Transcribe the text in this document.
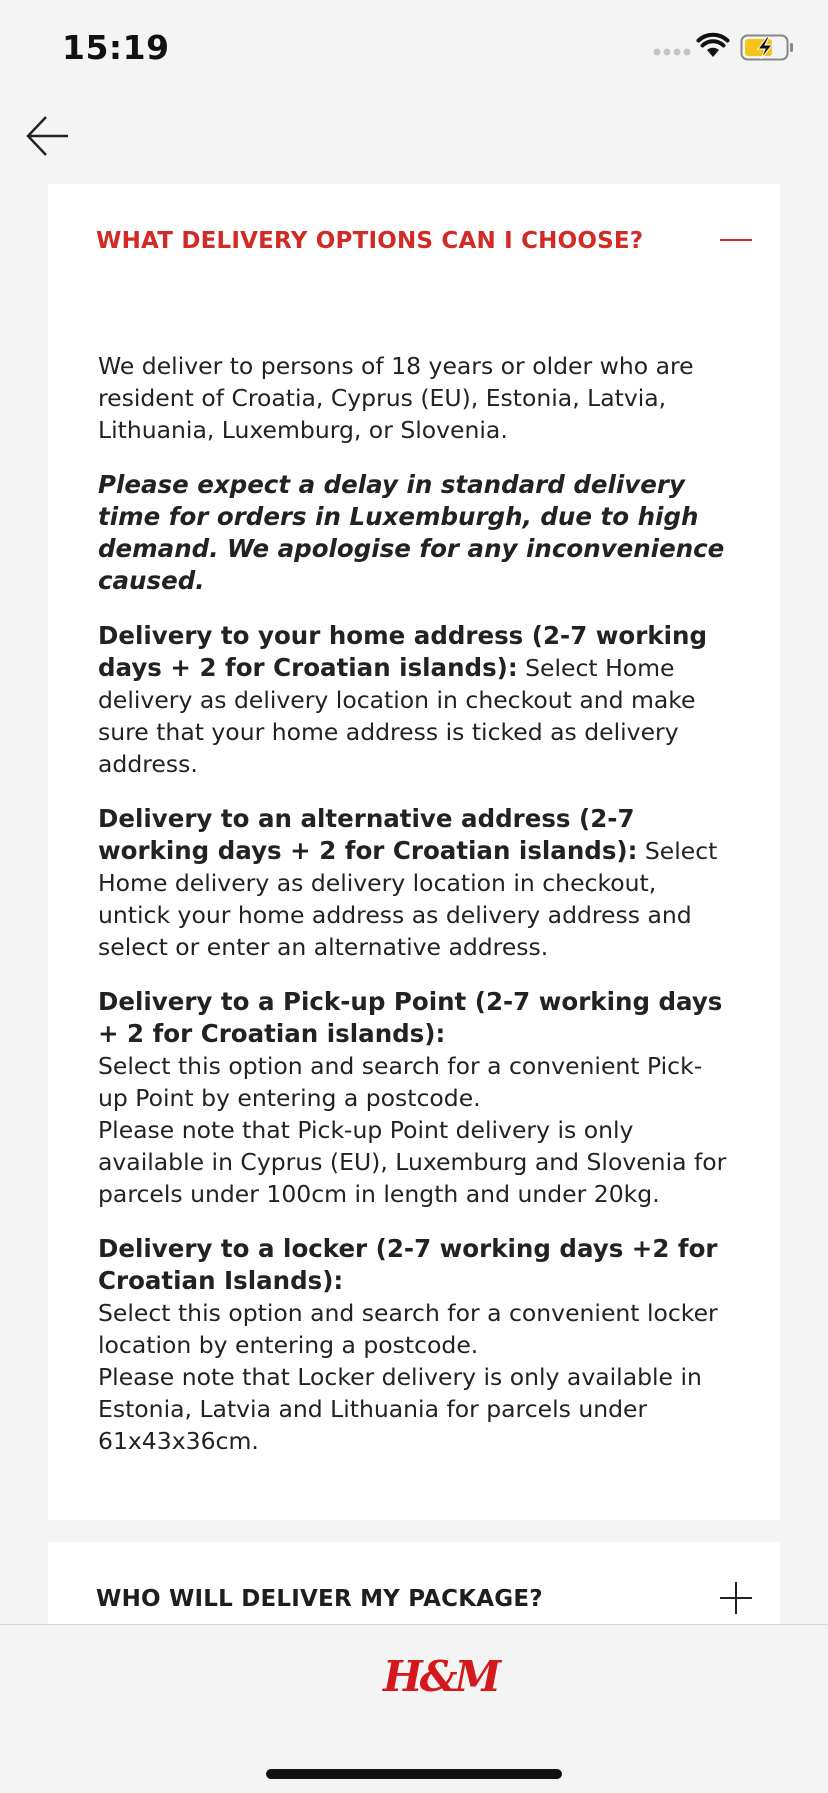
15:19
WHAT DELIVERY OPTIONS CAN I CHOOSE?

We deliver to persons of 18 years or older who are resident of Croatia, Cyprus (EU), Estonia, Latvia, Lithuania, Luxemburg, or Slovenia.

Please expect a delay in standard delivery time for orders in Luxemburgh, due to high demand. We apologise for any inconvenience caused.

Delivery to your home address (2-7 working days + 2 for Croatian islands): Select Home delivery as delivery location in checkout and make sure that your home address is ticked as delivery address.

Delivery to an alternative address (2-7 working days + 2 for Croatian islands): Select Home delivery as delivery location in checkout, untick your home address as delivery address and select or enter an alternative address.

Delivery to a Pick-up Point (2-7 working days + 2 for Croatian islands):
Select this option and search for a convenient Pick-up Point by entering a postcode.
Please note that Pick-up Point delivery is only available in Cyprus (EU), Luxemburg and Slovenia for parcels under 100cm in length and under 20kg.

Delivery to a locker (2-7 working days +2 for Croatian Islands):
Select this option and search for a convenient locker location by entering a postcode.
Please note that Locker delivery is only available in Estonia, Latvia and Lithuania for parcels under 61x43x36cm.

WHO WILL DELIVER MY PACKAGE?
H&M
